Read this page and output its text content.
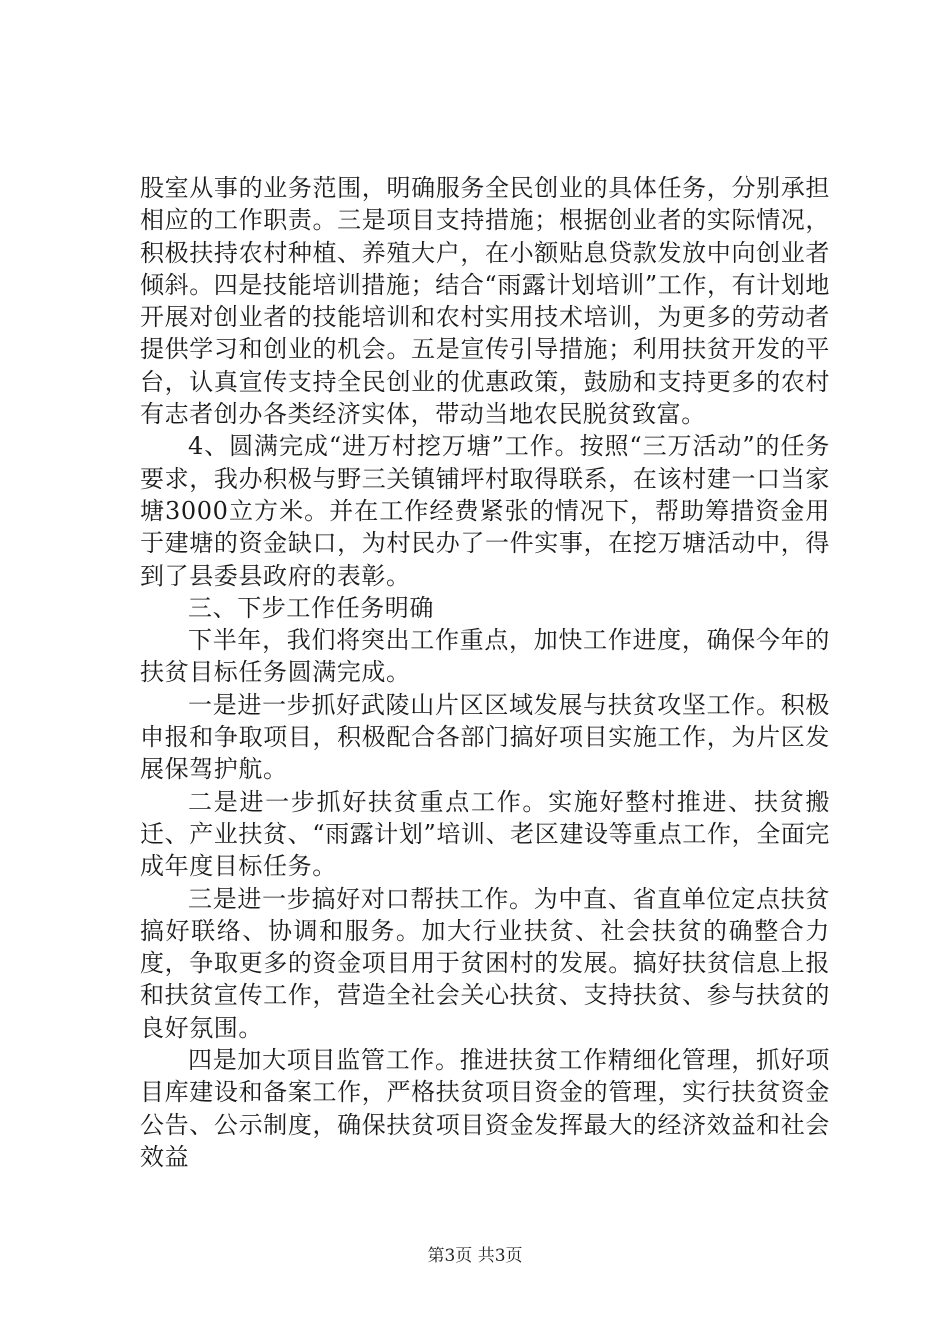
股室从事的业务范围，明确服务全民创业的具体任务，分别承担相应的工作职责。三是项目支持措施；根据创业者的实际情况，积极扶持农村种植、养殖大户，在小额贴息贷款发放中向创业者倾斜。四是技能培训措施；结合“雨露计划培训”工作，有计划地开展对创业者的技能培训和农村实用技术培训，为更多的劳动者提供学习和创业的机会。五是宣传引导措施；利用扶贫开发的平台，认真宣传支持全民创业的优惠政策，鼓励和支持更多的农村有志者创办各类经济实体，带动当地农民脱贫致富。

4、圆满完成“进万村挖万塘”工作。按照“三万活动”的任务要求，我办积极与野三关镇铺坪村取得联系，在该村建一口当家塘3000立方米。并在工作经费紧张的情况下，帮助筹措资金用于建塘的资金缺口，为村民办了一件实事，在挖万塘活动中，得到了县委县政府的表彰。

三、下步工作任务明确

下半年，我们将突出工作重点，加快工作进度，确保今年的扶贫目标任务圆满完成。

一是进一步抓好武陵山片区区域发展与扶贫攻坚工作。积极申报和争取项目，积极配合各部门搞好项目实施工作，为片区发展保驾护航。

二是进一步抓好扶贫重点工作。实施好整村推进、扶贫搬迁、产业扶贫、“雨露计划”培训、老区建设等重点工作，全面完成年度目标任务。

三是进一步搞好对口帮扶工作。为中直、省直单位定点扶贫搞好联络、协调和服务。加大行业扶贫、社会扶贫的确整合力度，争取更多的资金项目用于贫困村的发展。搞好扶贫信息上报和扶贫宣传工作，营造全社会关心扶贫、支持扶贫、参与扶贫的良好氛围。

四是加大项目监管工作。推进扶贫工作精细化管理，抓好项目库建设和备案工作，严格扶贫项目资金的管理，实行扶贫资金公告、公示制度，确保扶贫项目资金发挥最大的经济效益和社会效益

第3页 共3页
